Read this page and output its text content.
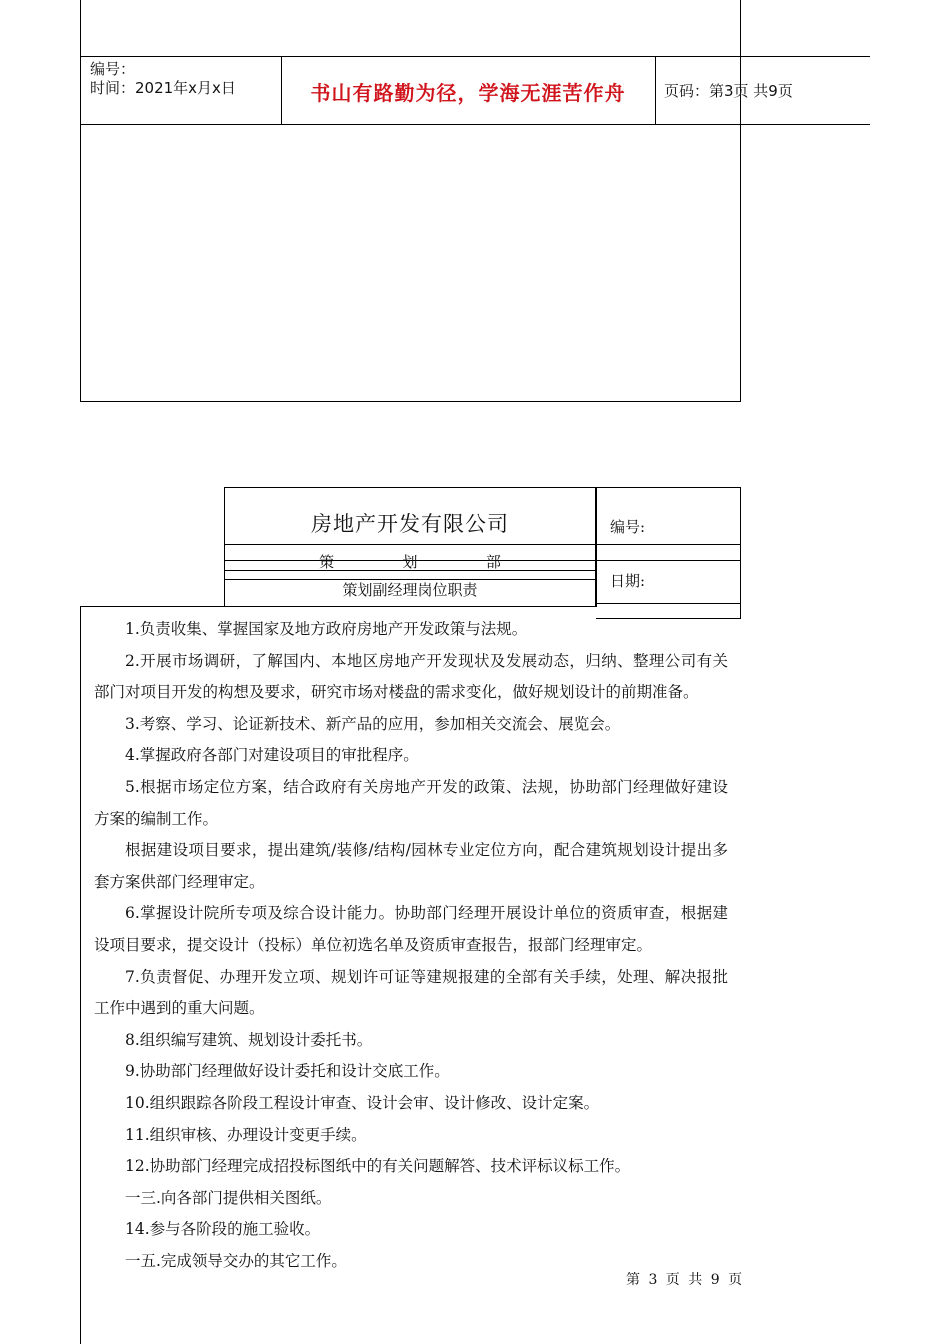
编号：
时间：2021年x月x日	书山有路勤为径，学海无涯苦作舟	页码：第3页 共9页
房地产开发有限公司
策	划	部
策划副经理岗位职责
编号:
日期:

1.负责收集、掌握国家及地方政府房地产开发政策与法规。

2.开展市场调研，了解国内、本地区房地产开发现状及发展动态，归纳、整理公司有关部门对项目开发的构想及要求，研究市场对楼盘的需求变化，做好规划设计的前期准备。

3.考察、学习、论证新技术、新产品的应用，参加相关交流会、展览会。

4.掌握政府各部门对建设项目的审批程序。

5.根据市场定位方案，结合政府有关房地产开发的政策、法规，协助部门经理做好建设方案的编制工作。

根据建设项目要求，提出建筑/装修/结构/园林专业定位方向，配合建筑规划设计提出多套方案供部门经理审定。

6.掌握设计院所专项及综合设计能力。协助部门经理开展设计单位的资质审查，根据建设项目要求，提交设计（投标）单位初选名单及资质审查报告，报部门经理审定。

7.负责督促、办理开发立项、规划许可证等建规报建的全部有关手续，处理、解决报批工作中遇到的重大问题。

8.组织编写建筑、规划设计委托书。

9.协助部门经理做好设计委托和设计交底工作。

10.组织跟踪各阶段工程设计审查、设计会审、设计修改、设计定案。

11.组织审核、办理设计变更手续。

12.协助部门经理完成招投标图纸中的有关问题解答、技术评标议标工作。

一三.向各部门提供相关图纸。

14.参与各阶段的施工验收。

一五.完成领导交办的其它工作。

第 3 页 共 9 页
